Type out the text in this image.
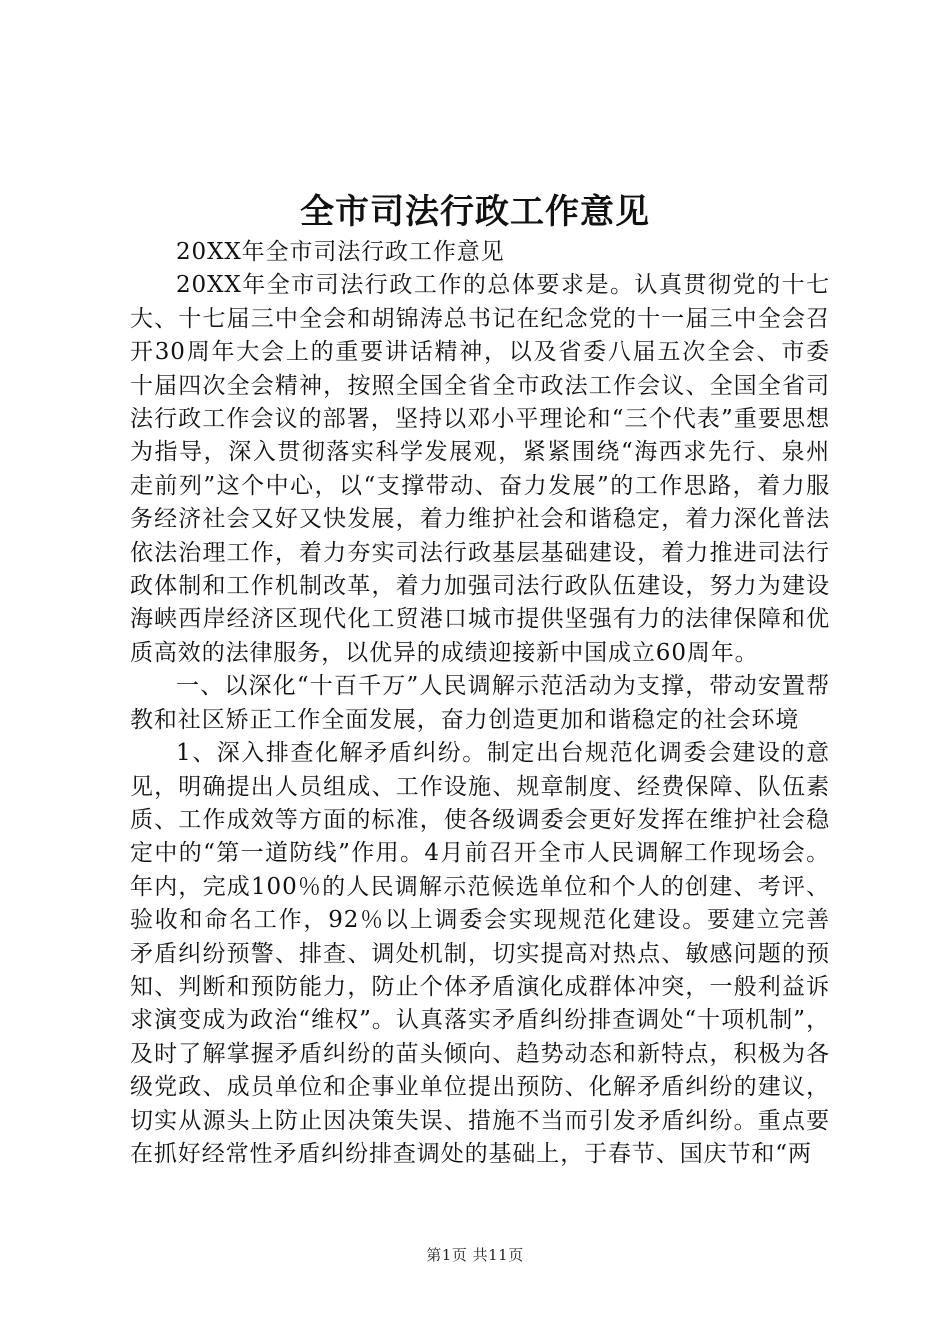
全市司法行政工作意见

20XX年全市司法行政工作意见

20XX年全市司法行政工作的总体要求是。认真贯彻党的十七大、十七届三中全会和胡锦涛总书记在纪念党的十一届三中全会召开30周年大会上的重要讲话精神，以及省委八届五次全会、市委十届四次全会精神，按照全国全省全市政法工作会议、全国全省司法行政工作会议的部署，坚持以邓小平理论和“三个代表”重要思想为指导，深入贯彻落实科学发展观，紧紧围绕“海西求先行、泉州走前列”这个中心，以“支撑带动、奋力发展”的工作思路，着力服务经济社会又好又快发展，着力维护社会和谐稳定，着力深化普法依法治理工作，着力夯实司法行政基层基础建设，着力推进司法行政体制和工作机制改革，着力加强司法行政队伍建设，努力为建设海峡西岸经济区现代化工贸港口城市提供坚强有力的法律保障和优质高效的法律服务，以优异的成绩迎接新中国成立60周年。

一、以深化“十百千万”人民调解示范活动为支撑，带动安置帮教和社区矫正工作全面发展，奋力创造更加和谐稳定的社会环境

1、深入排查化解矛盾纠纷。制定出台规范化调委会建设的意见，明确提出人员组成、工作设施、规章制度、经费保障、队伍素质、工作成效等方面的标准，使各级调委会更好发挥在维护社会稳定中的“第一道防线”作用。4月前召开全市人民调解工作现场会。年内，完成100％的人民调解示范候选单位和个人的创建、考评、验收和命名工作，92％以上调委会实现规范化建设。要建立完善矛盾纠纷预警、排查、调处机制，切实提高对热点、敏感问题的预知、判断和预防能力，防止个体矛盾演化成群体冲突，一般利益诉求演变成为政治“维权”。认真落实矛盾纠纷排查调处“十项机制”，及时了解掌握矛盾纠纷的苗头倾向、趋势动态和新特点，积极为各级党政、成员单位和企事业单位提出预防、化解矛盾纠纷的建议，切实从源头上防止因决策失误、措施不当而引发矛盾纠纷。重点要在抓好经常性矛盾纠纷排查调处的基础上，于春节、国庆节和“两

第1页 共11页
